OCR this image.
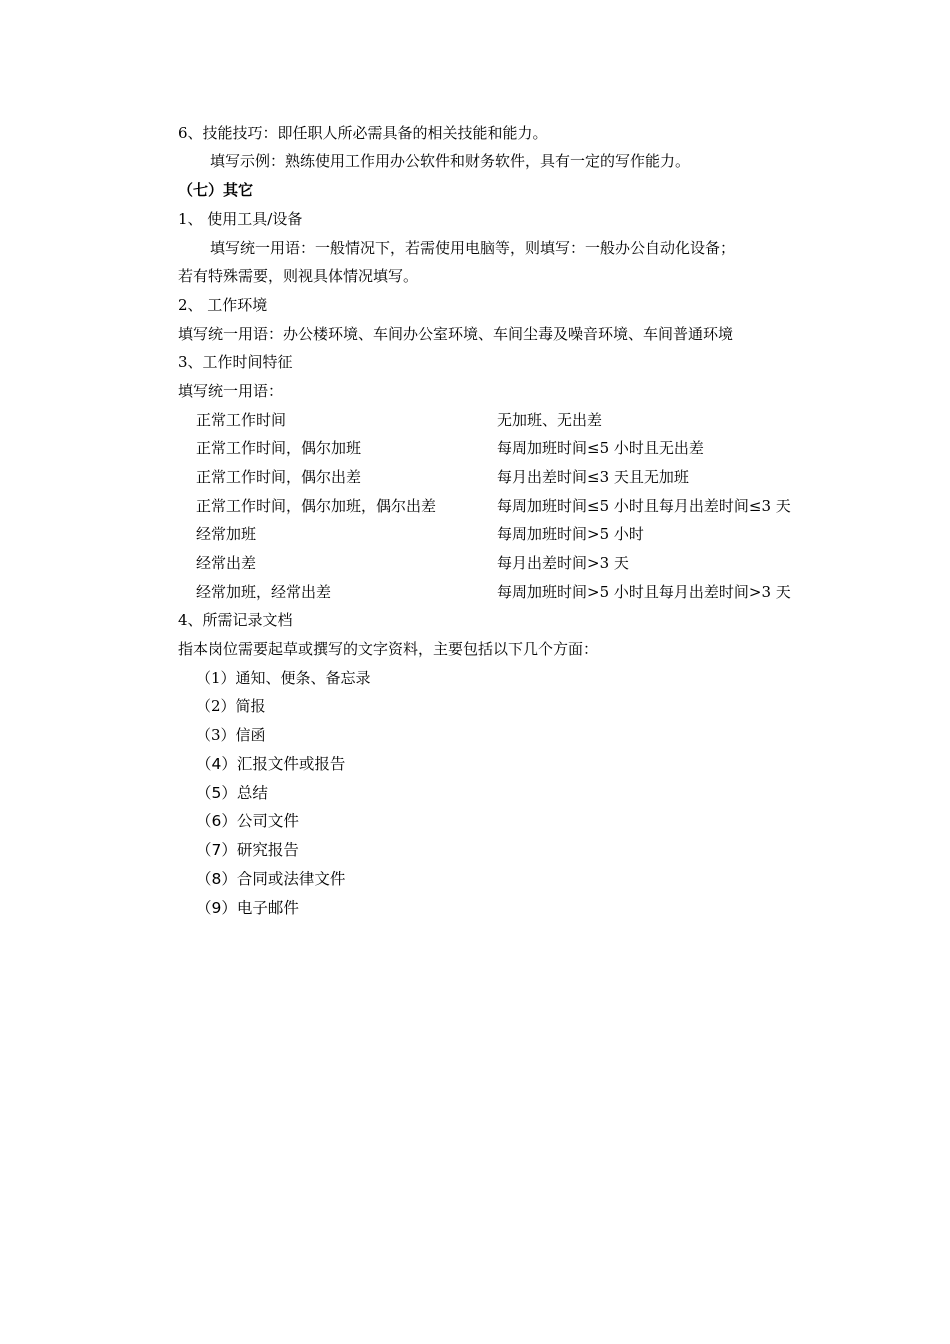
6、技能技巧：即任职人所必需具备的相关技能和能力。
填写示例：熟练使用工作用办公软件和财务软件，具有一定的写作能力。
（七）其它
1、 使用工具/设备
填写统一用语：一般情况下，若需使用电脑等，则填写：一般办公自动化设备；
若有特殊需要，则视具体情况填写。
2、 工作环境
填写统一用语：办公楼环境、车间办公室环境、车间尘毒及噪音环境、车间普通环境
3、工作时间特征
填写统一用语：
正常工作时间	无加班、无出差
正常工作时间，偶尔加班	每周加班时间≤5 小时且无出差
正常工作时间，偶尔出差	每月出差时间≤3 天且无加班
正常工作时间，偶尔加班，偶尔出差	每周加班时间≤5 小时且每月出差时间≤3 天
经常加班	每周加班时间>5 小时
经常出差	每月出差时间>3 天
经常加班，经常出差	每周加班时间>5 小时且每月出差时间>3 天
4、所需记录文档
指本岗位需要起草或撰写的文字资料，主要包括以下几个方面：
（1）通知、便条、备忘录
（2）简报
（3）信函
（4）汇报文件或报告
（5）总结
（6）公司文件
（7）研究报告
（8）合同或法律文件
（9）电子邮件
